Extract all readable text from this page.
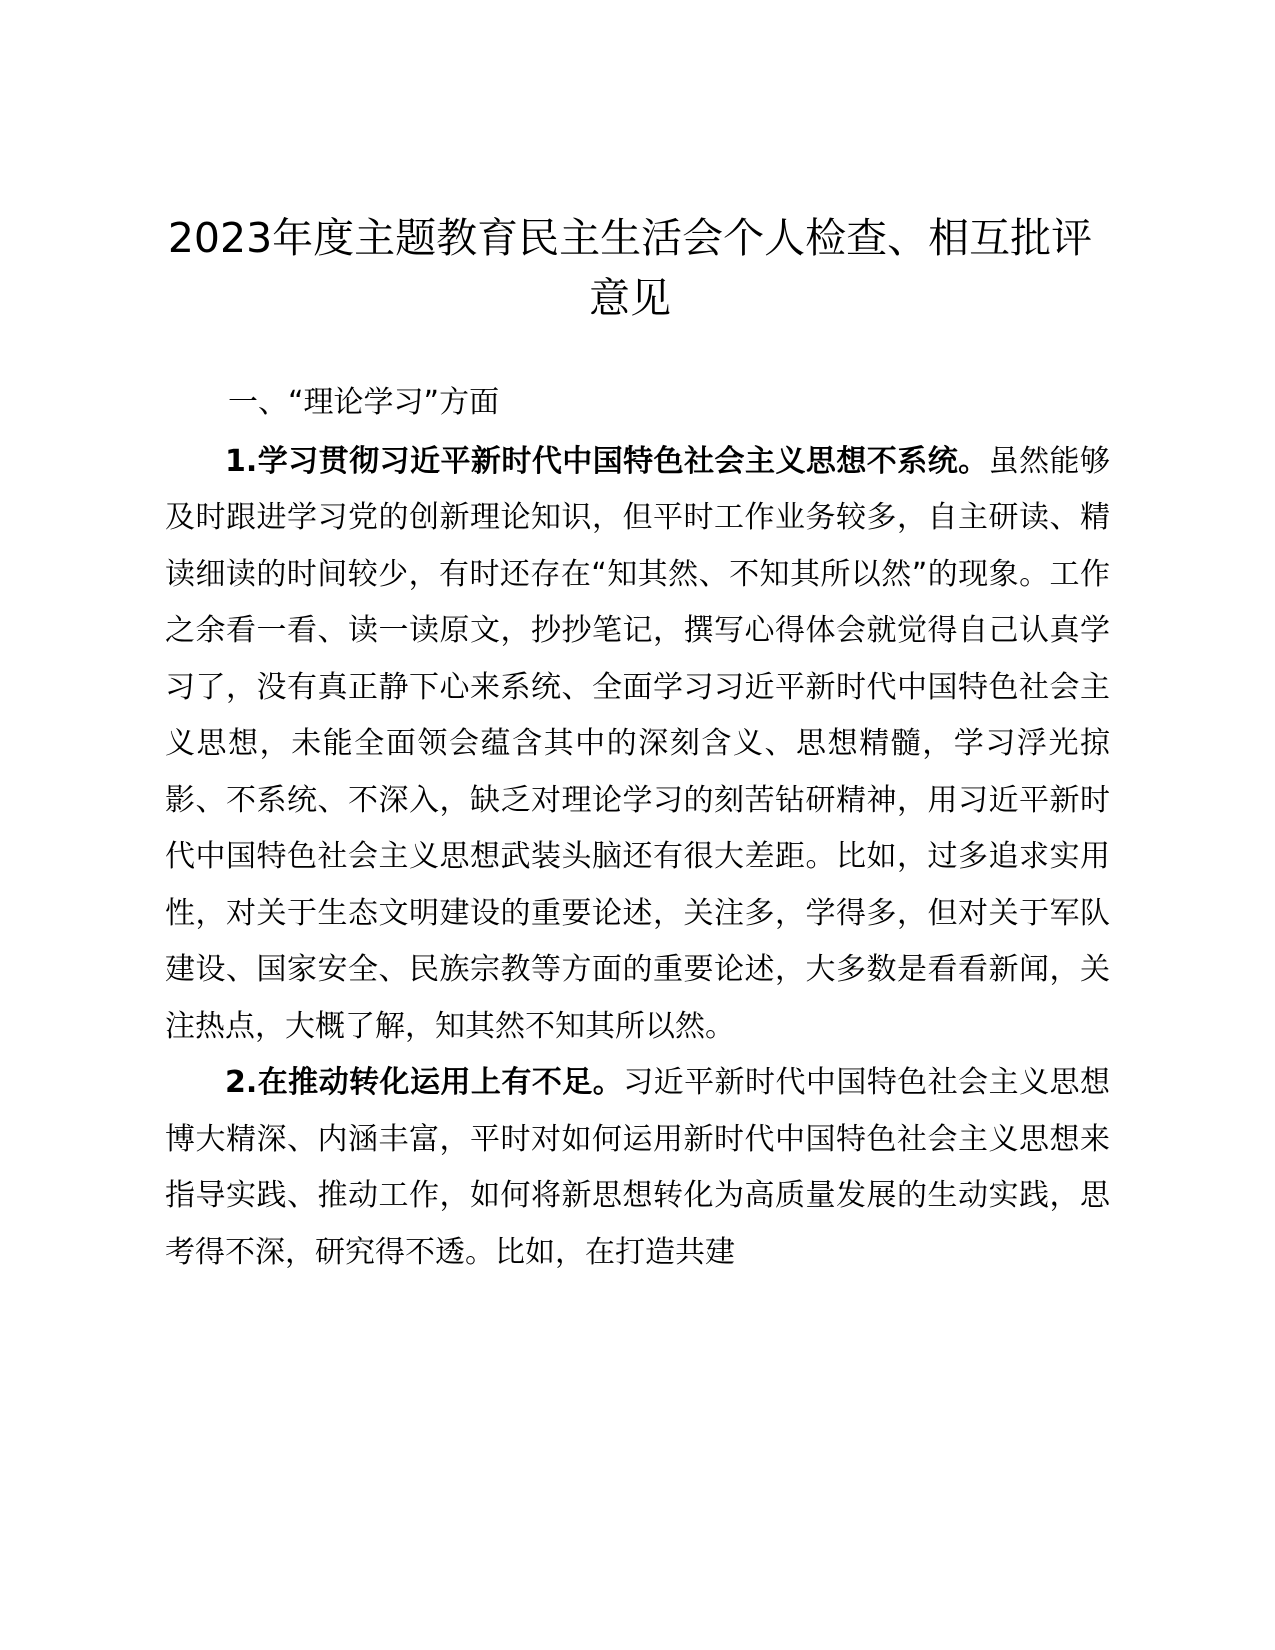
2023年度主题教育民主生活会个人检查、相互批评意见

一、“理论学习”方面

1.学习贯彻习近平新时代中国特色社会主义思想不系统。虽然能够及时跟进学习党的创新理论知识，但平时工作业务较多，自主研读、精读细读的时间较少，有时还存在“知其然、不知其所以然”的现象。工作之余看一看、读一读原文，抄抄笔记，撰写心得体会就觉得自己认真学习了，没有真正静下心来系统、全面学习习近平新时代中国特色社会主义思想，未能全面领会蕴含其中的深刻含义、思想精髓，学习浮光掠影、不系统、不深入，缺乏对理论学习的刻苦钻研精神，用习近平新时代中国特色社会主义思想武装头脑还有很大差距。比如，过多追求实用性，对关于生态文明建设的重要论述，关注多，学得多，但对关于军队建设、国家安全、民族宗教等方面的重要论述，大多数是看看新闻，关注热点，大概了解，知其然不知其所以然。

2.在推动转化运用上有不足。习近平新时代中国特色社会主义思想博大精深、内涵丰富，平时对如何运用新时代中国特色社会主义思想来指导实践、推动工作，如何将新思想转化为高质量发展的生动实践，思考得不深，研究得不透。比如，在打造共建
